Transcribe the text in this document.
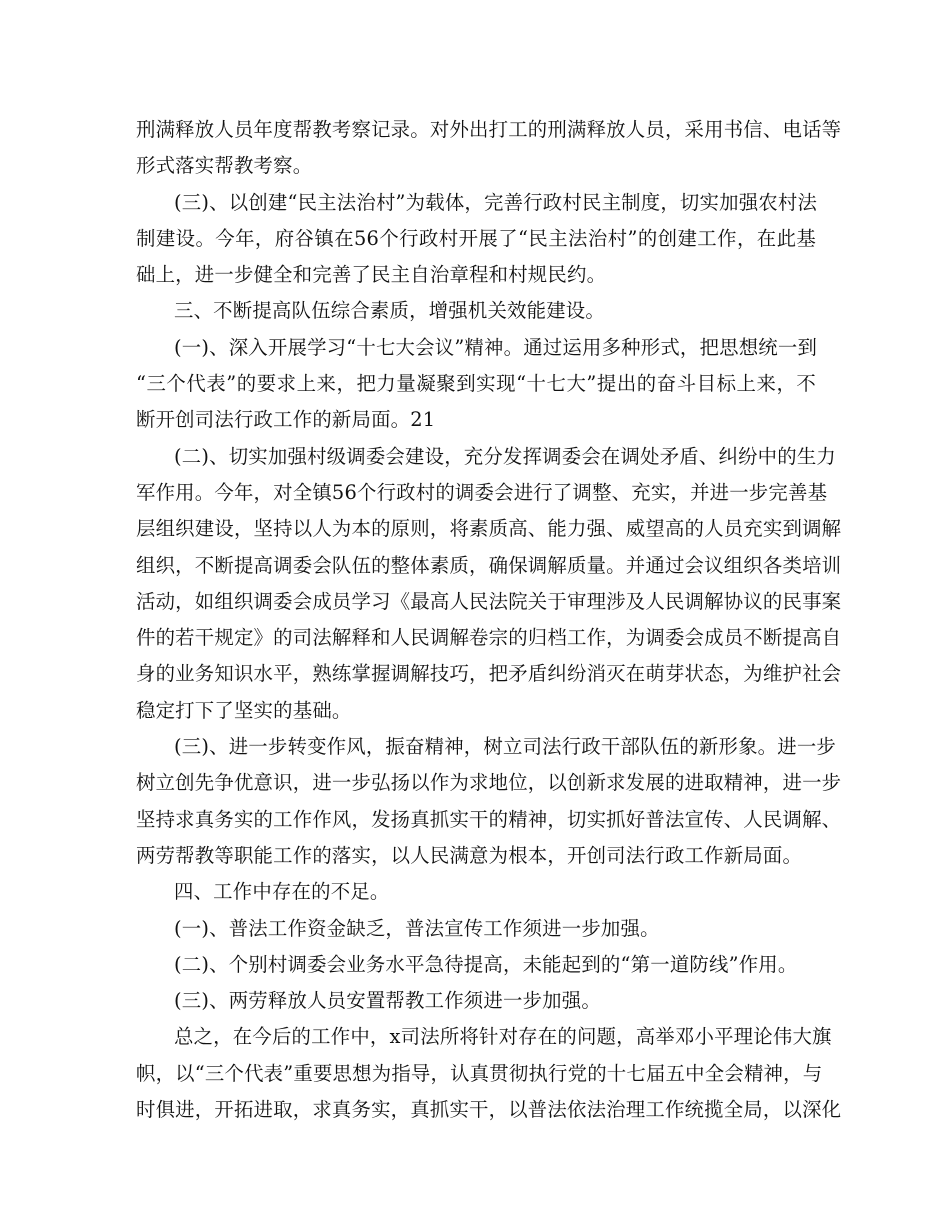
刑满释放人员年度帮教考察记录。对外出打工的刑满释放人员，采用书信、电话等
形式落实帮教考察。
(三)、以创建“民主法治村”为载体，完善行政村民主制度，切实加强农村法
制建设。今年，府谷镇在56个行政村开展了“民主法治村”的创建工作，在此基
础上，进一步健全和完善了民主自治章程和村规民约。
三、不断提高队伍综合素质，增强机关效能建设。
(一)、深入开展学习“十七大会议”精神。通过运用多种形式，把思想统一到
“三个代表”的要求上来，把力量凝聚到实现“十七大”提出的奋斗目标上来，不
断开创司法行政工作的新局面。21
(二)、切实加强村级调委会建设，充分发挥调委会在调处矛盾、纠纷中的生力
军作用。今年，对全镇56个行政村的调委会进行了调整、充实，并进一步完善基
层组织建设，坚持以人为本的原则，将素质高、能力强、威望高的人员充实到调解
组织，不断提高调委会队伍的整体素质，确保调解质量。并通过会议组织各类培训
活动，如组织调委会成员学习《最高人民法院关于审理涉及人民调解协议的民事案
件的若干规定》的司法解释和人民调解卷宗的归档工作，为调委会成员不断提高自
身的业务知识水平，熟练掌握调解技巧，把矛盾纠纷消灭在萌芽状态，为维护社会
稳定打下了坚实的基础。
(三)、进一步转变作风，振奋精神，树立司法行政干部队伍的新形象。进一步
树立创先争优意识，进一步弘扬以作为求地位，以创新求发展的进取精神，进一步
坚持求真务实的工作作风，发扬真抓实干的精神，切实抓好普法宣传、人民调解、
两劳帮教等职能工作的落实，以人民满意为根本，开创司法行政工作新局面。
四、工作中存在的不足。
(一)、普法工作资金缺乏，普法宣传工作须进一步加强。
(二)、个别村调委会业务水平急待提高，未能起到的“第一道防线”作用。
(三)、两劳释放人员安置帮教工作须进一步加强。
总之，在今后的工作中，x司法所将针对存在的问题，高举邓小平理论伟大旗
帜，以“三个代表”重要思想为指导，认真贯彻执行党的十七届五中全会精神，与
时俱进，开拓进取，求真务实，真抓实干，以普法依法治理工作统揽全局，以深化
